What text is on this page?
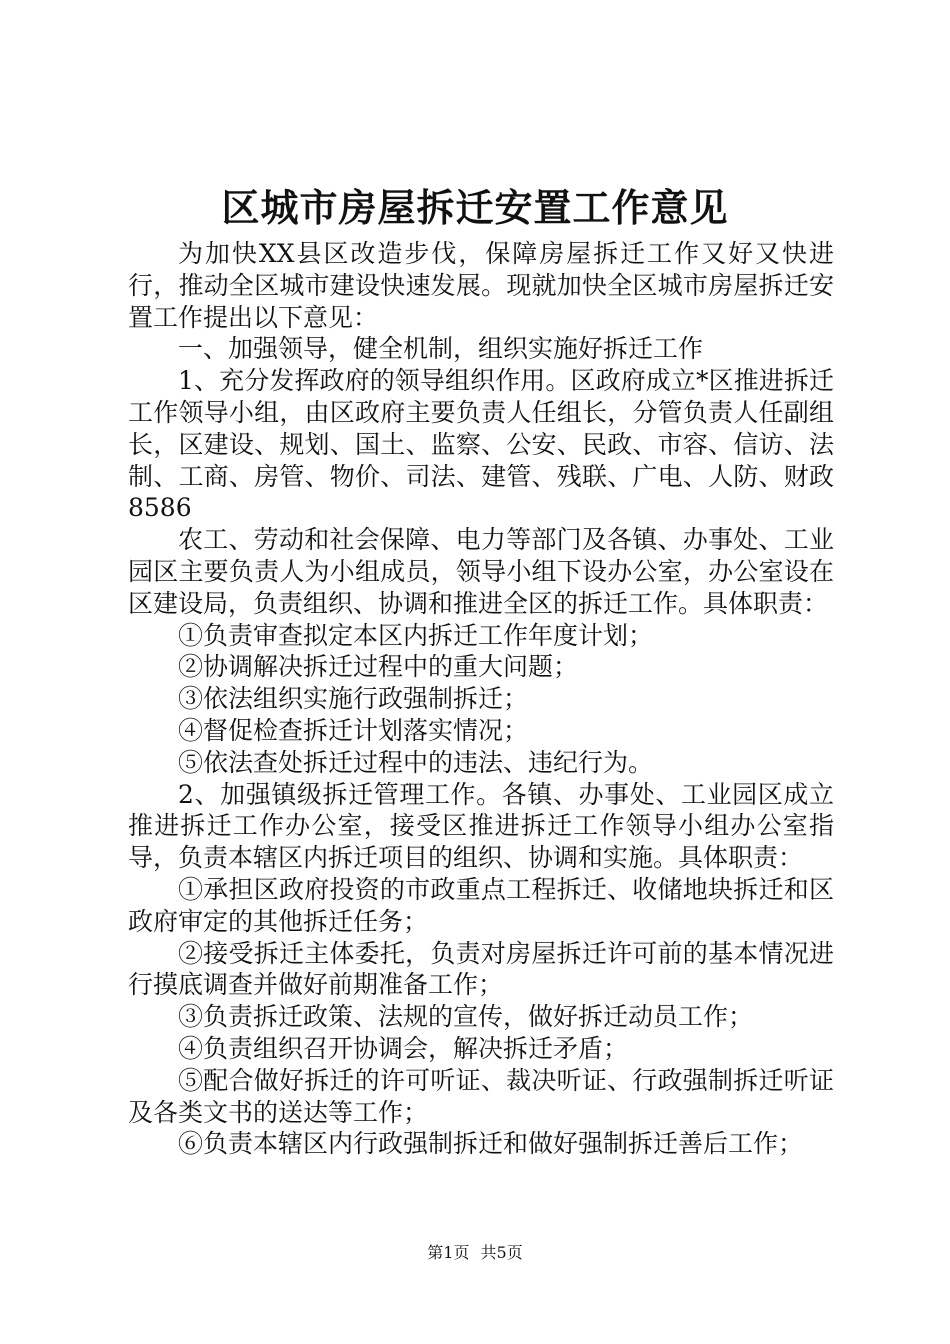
区城市房屋拆迁安置工作意见

为加快XX县区改造步伐，保障房屋拆迁工作又好又快进行，推动全区城市建设快速发展。现就加快全区城市房屋拆迁安置工作提出以下意见：

一、加强领导，健全机制，组织实施好拆迁工作

1、充分发挥政府的领导组织作用。区政府成立*区推进拆迁工作领导小组，由区政府主要负责人任组长，分管负责人任副组长，区建设、规划、国土、监察、公安、民政、市容、信访、法制、工商、房管、物价、司法、建管、残联、广电、人防、财政8586

农工、劳动和社会保障、电力等部门及各镇、办事处、工业园区主要负责人为小组成员，领导小组下设办公室，办公室设在区建设局，负责组织、协调和推进全区的拆迁工作。具体职责：

①负责审查拟定本区内拆迁工作年度计划；

②协调解决拆迁过程中的重大问题；

③依法组织实施行政强制拆迁；

④督促检查拆迁计划落实情况；

⑤依法查处拆迁过程中的违法、违纪行为。

2、加强镇级拆迁管理工作。各镇、办事处、工业园区成立推进拆迁工作办公室，接受区推进拆迁工作领导小组办公室指导，负责本辖区内拆迁项目的组织、协调和实施。具体职责：

①承担区政府投资的市政重点工程拆迁、收储地块拆迁和区政府审定的其他拆迁任务；

②接受拆迁主体委托，负责对房屋拆迁许可前的基本情况进行摸底调查并做好前期准备工作；

③负责拆迁政策、法规的宣传，做好拆迁动员工作；

④负责组织召开协调会，解决拆迁矛盾；

⑤配合做好拆迁的许可听证、裁决听证、行政强制拆迁听证及各类文书的送达等工作；

⑥负责本辖区内行政强制拆迁和做好强制拆迁善后工作；

第1页 共5页
